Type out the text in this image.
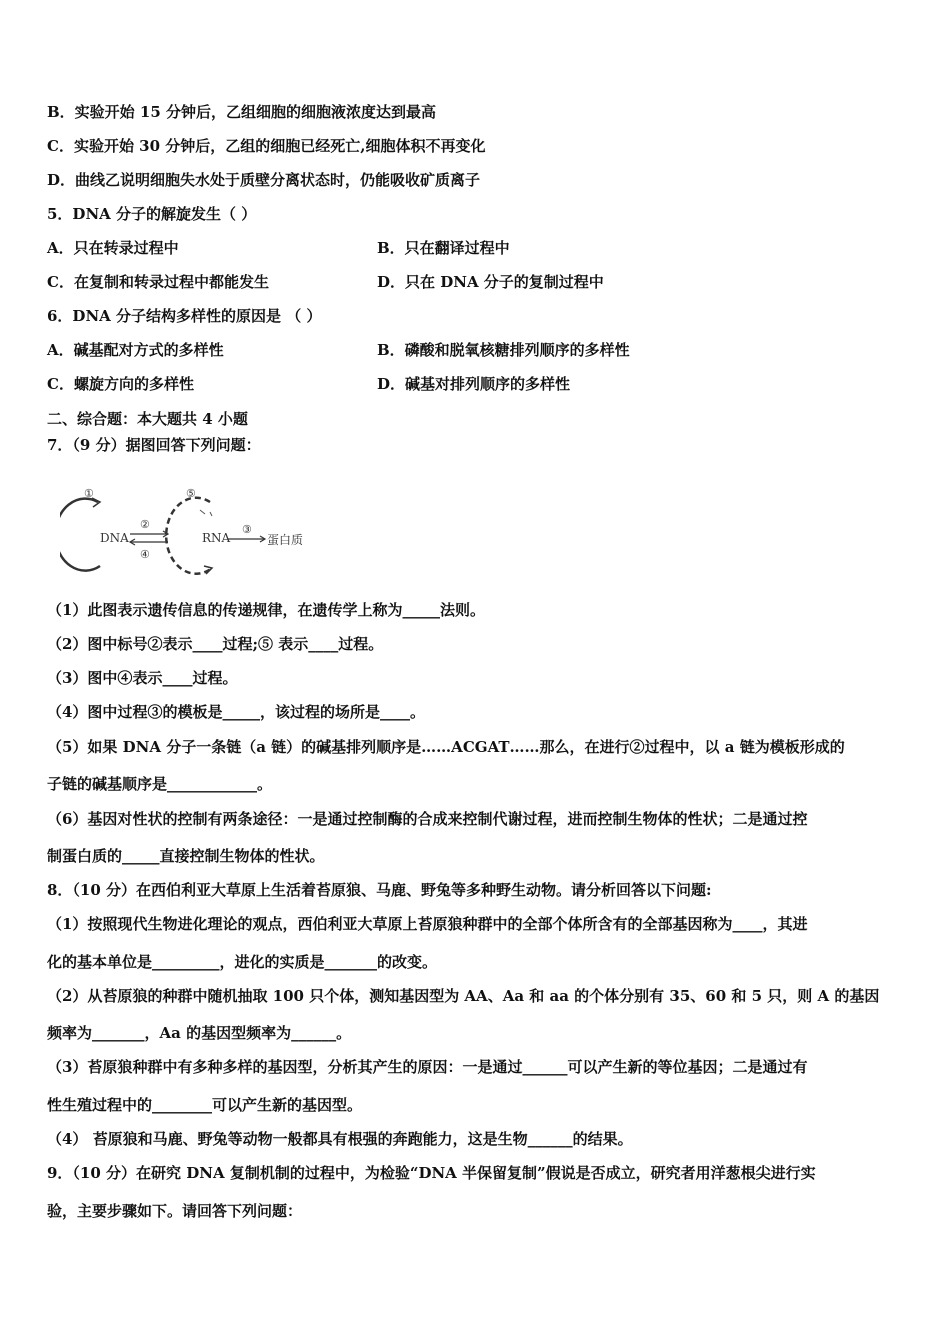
B．实验开始 15 分钟后，乙组细胞的细胞液浓度达到最高
C．实验开始 30 分钟后，乙组的细胞已经死亡,细胞体积不再变化
D．曲线乙说明细胞失水处于质壁分离状态时，仍能吸收矿质离子
5．DNA 分子的解旋发生（ ）
A．只在转录过程中	B．只在翻译过程中
C．在复制和转录过程中都能发生	D．只在 DNA 分子的复制过程中
6．DNA 分子结构多样性的原因是 （ ）
A．碱基配对方式的多样性	B．磷酸和脱氧核糖排列顺序的多样性
C．螺旋方向的多样性	D．碱基对排列顺序的多样性
二、综合题：本大题共 4 小题
7．（9 分）据图回答下列问题：
①
DNA
②
④
⑤
RNA
③
蛋白质
（1）此图表示遗传信息的传递规律，在遗传学上称为_____法则。
（2）图中标号②表示____过程;⑤ 表示____过程。
（3）图中④表示____过程。
（4）图中过程③的模板是_____，该过程的场所是____。
（5）如果 DNA 分子一条链（a 链）的碱基排列顺序是……ACGAT……那么，在进行②过程中，以 a 链为模板形成的
子链的碱基顺序是____________。
（6）基因对性状的控制有两条途径：一是通过控制酶的合成来控制代谢过程，进而控制生物体的性状；二是通过控
制蛋白质的_____直接控制生物体的性状。
8．（10 分）在西伯利亚大草原上生活着苔原狼、马鹿、野兔等多种野生动物。请分析回答以下问题:
（1）按照现代生物进化理论的观点，西伯利亚大草原上苔原狼种群中的全部个体所含有的全部基因称为____，其进
化的基本单位是_________，进化的实质是_______的改变。
（2）从苔原狼的种群中随机抽取 100 只个体，测知基因型为 AA、Aa 和 aa 的个体分别有 35、60 和 5 只，则 A 的基因
频率为_______，Aa 的基因型频率为______。
（3）苔原狼种群中有多种多样的基因型，分析其产生的原因：一是通过______可以产生新的等位基因；二是通过有
性生殖过程中的________可以产生新的基因型。
（4） 苔原狼和马鹿、野兔等动物一般都具有根强的奔跑能力，这是生物______的结果。
9．（10 分）在研究 DNA 复制机制的过程中，为检验“DNA 半保留复制”假说是否成立，研究者用洋葱根尖进行实
验，主要步骤如下。请回答下列问题：
